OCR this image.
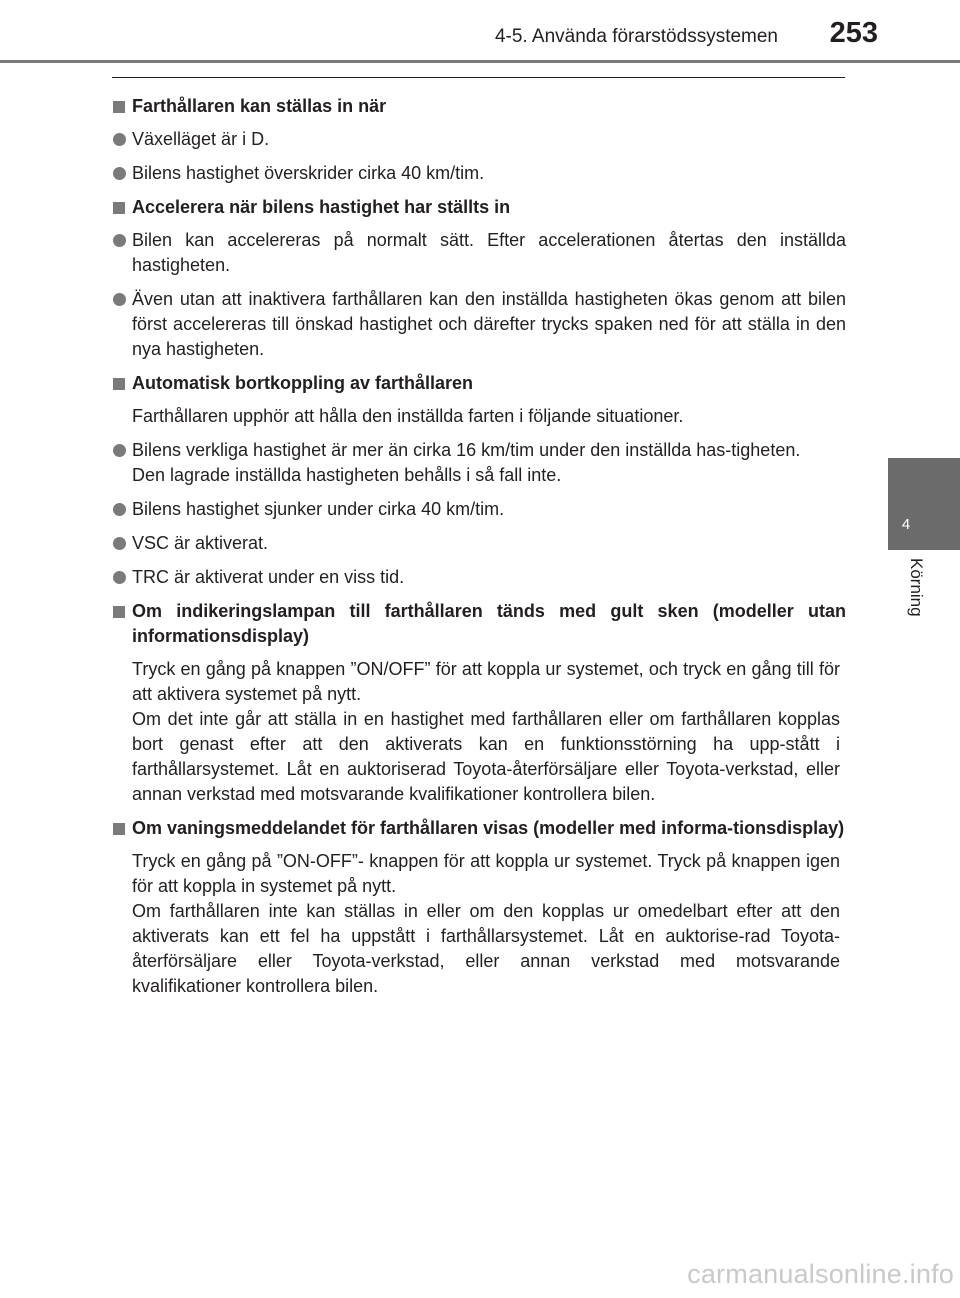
4-5. Använda förarstödssystemen 253
4
Körning
Farthållaren kan ställas in när
Växelläget är i D.
Bilens hastighet överskrider cirka 40 km/tim.
Accelerera när bilens hastighet har ställts in
Bilen kan accelereras på normalt sätt. Efter accelerationen återtas den inställda hastigheten.
Även utan att inaktivera farthållaren kan den inställda hastigheten ökas genom att bilen först accelereras till önskad hastighet och därefter trycks spaken ned för att ställa in den nya hastigheten.
Automatisk bortkoppling av farthållaren
Farthållaren upphör att hålla den inställda farten i följande situationer.
Bilens verkliga hastighet är mer än cirka 16 km/tim under den inställda has-tigheten.
Den lagrade inställda hastigheten behålls i så fall inte.
Bilens hastighet sjunker under cirka 40 km/tim.
VSC är aktiverat.
TRC är aktiverat under en viss tid.
Om indikeringslampan till farthållaren tänds med gult sken (modeller utan informationsdisplay)
Tryck en gång på knappen ”ON/OFF” för att koppla ur systemet, och tryck en gång till för att aktivera systemet på nytt.
Om det inte går att ställa in en hastighet med farthållaren eller om farthållaren kopplas bort genast efter att den aktiverats kan en funktionsstörning ha upp-stått i farthållarsystemet. Låt en auktoriserad Toyota-återförsäljare eller Toyota-verkstad, eller annan verkstad med motsvarande kvalifikationer kontrollera bilen.
Om vaningsmeddelandet för farthållaren visas (modeller med informa-tionsdisplay)
Tryck en gång på ”ON-OFF”- knappen för att koppla ur systemet. Tryck på knappen igen för att koppla in systemet på nytt.
Om farthållaren inte kan ställas in eller om den kopplas ur omedelbart efter att den aktiverats kan ett fel ha uppstått i farthållarsystemet. Låt en auktorise-rad Toyota-återförsäljare eller Toyota-verkstad, eller annan verkstad med motsvarande kvalifikationer kontrollera bilen.
carmanualsonline.info
